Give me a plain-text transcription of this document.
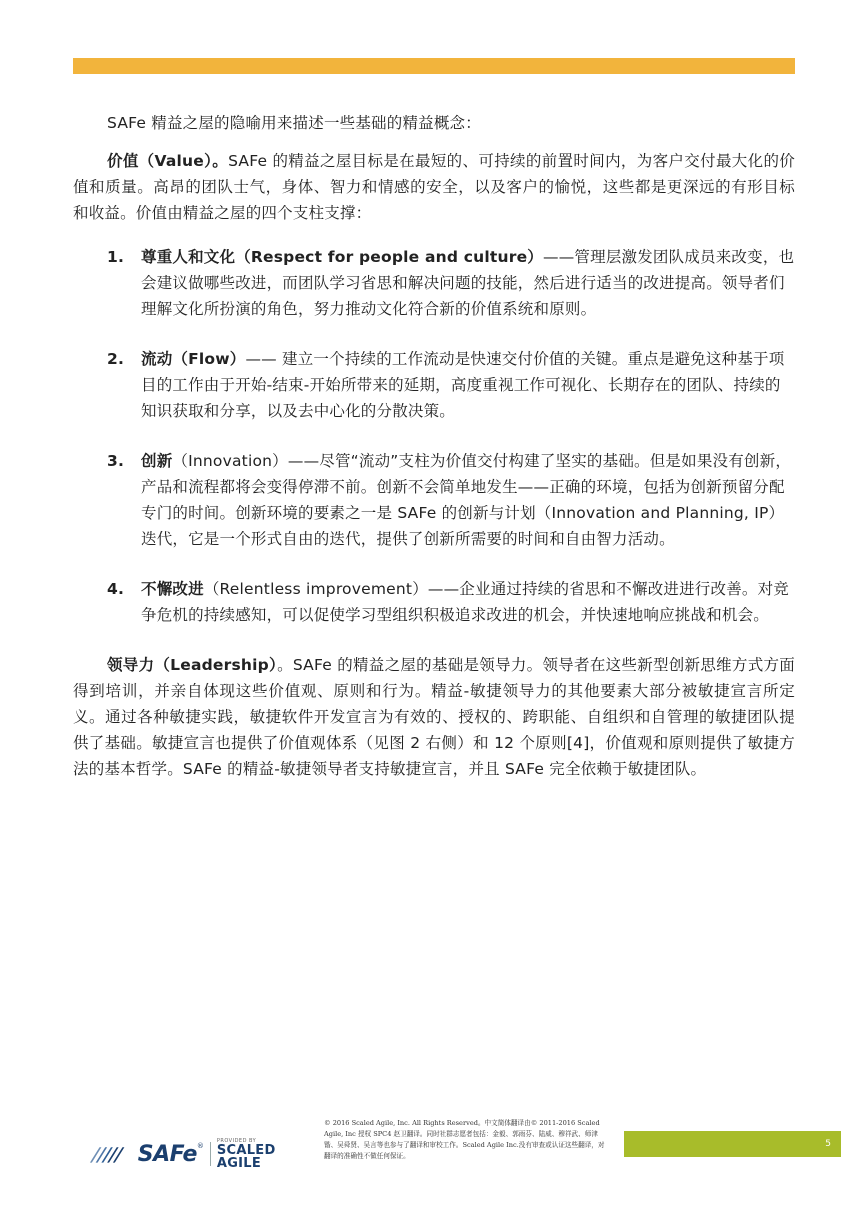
SAFe 精益之屋的隐喻用来描述一些基础的精益概念：

价值（Value）。SAFe 的精益之屋目标是在最短的、可持续的前置时间内，为客户交付最大化的价值和质量。高昂的团队士气，身体、智力和情感的安全，以及客户的愉悦，这些都是更深远的有形目标和收益。价值由精益之屋的四个支柱支撑：

1.	尊重人和文化（Respect for people and culture）——管理层激发团队成员来改变，也会建议做哪些改进，而团队学习省思和解决问题的技能，然后进行适当的改进提高。领导者们理解文化所扮演的角色，努力推动文化符合新的价值系统和原则。
2.	流动（Flow）—— 建立一个持续的工作流动是快速交付价值的关键。重点是避免这种基于项目的工作由于开始-结束-开始所带来的延期，高度重视工作可视化、长期存在的团队、持续的知识获取和分享，以及去中心化的分散决策。
3.	创新（Innovation）——尽管“流动”支柱为价值交付构建了坚实的基础。但是如果没有创新，产品和流程都将会变得停滞不前。创新不会简单地发生——正确的环境，包括为创新预留分配专门的时间。创新环境的要素之一是 SAFe 的创新与计划（Innovation and Planning, IP）迭代，它是一个形式自由的迭代，提供了创新所需要的时间和自由智力活动。
4.	不懈改进（Relentless improvement）——企业通过持续的省思和不懈改进进行改善。对竞争危机的持续感知，可以促使学习型组织积极追求改进的机会，并快速地响应挑战和机会。

领导力（Leadership）。SAFe 的精益之屋的基础是领导力。领导者在这些新型创新思维方式方面得到培训，并亲自体现这些价值观、原则和行为。精益-敏捷领导力的其他要素大部分被敏捷宣言所定义。通过各种敏捷实践，敏捷软件开发宣言为有效的、授权的、跨职能、自组织和自管理的敏捷团队提供了基础。敏捷宣言也提供了价值观体系（见图 2 右侧）和 12 个原则[4]，价值观和原则提供了敏捷方法的基本哲学。SAFe 的精益-敏捷领导者支持敏捷宣言，并且 SAFe 完全依赖于敏捷团队。

SAFe ®
PROVIDED BY
SCALED AGILE
© 2016 Scaled Agile, Inc. All Rights Reserved。中文简体翻译由© 2011-2016 Scaled Agile, Inc 授权 SPC4 赵卫翻译。同时社群志愿者包括：金毅、郭雨芬、陆威、穆祥武、师津锴、吴舜贤、吴言等也参与了翻译和审校工作。Scaled Agile Inc.没有审查或认证这些翻译，对翻译的准确性不做任何保证。
5
